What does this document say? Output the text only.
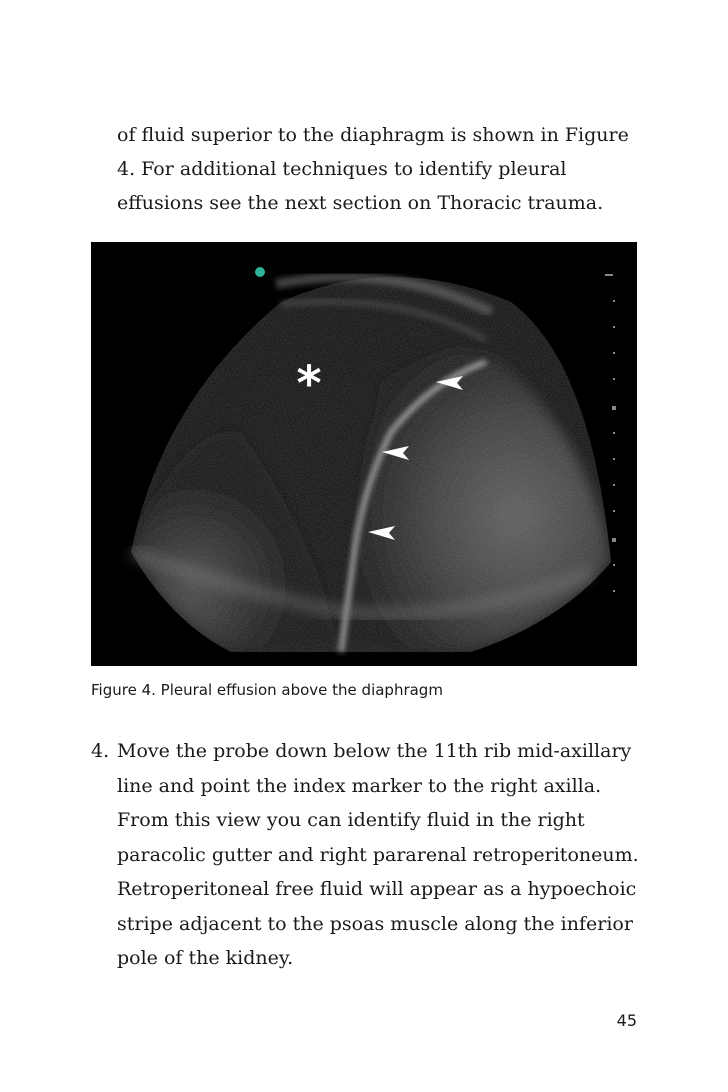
of fluid superior to the diaphragm is shown in Figure
4. For additional techniques to identify pleural
effusions see the next section on Thoracic trauma.

*
Figure 4. Pleural effusion above the diaphragm
4. Move the probe down below the 11th rib mid-axillary
line and point the index marker to the right axilla.
From this view you can identify fluid in the right
paracolic gutter and right pararenal retroperitoneum.
Retroperitoneal free fluid will appear as a hypoechoic
stripe adjacent to the psoas muscle along the inferior
pole of the kidney.
45
